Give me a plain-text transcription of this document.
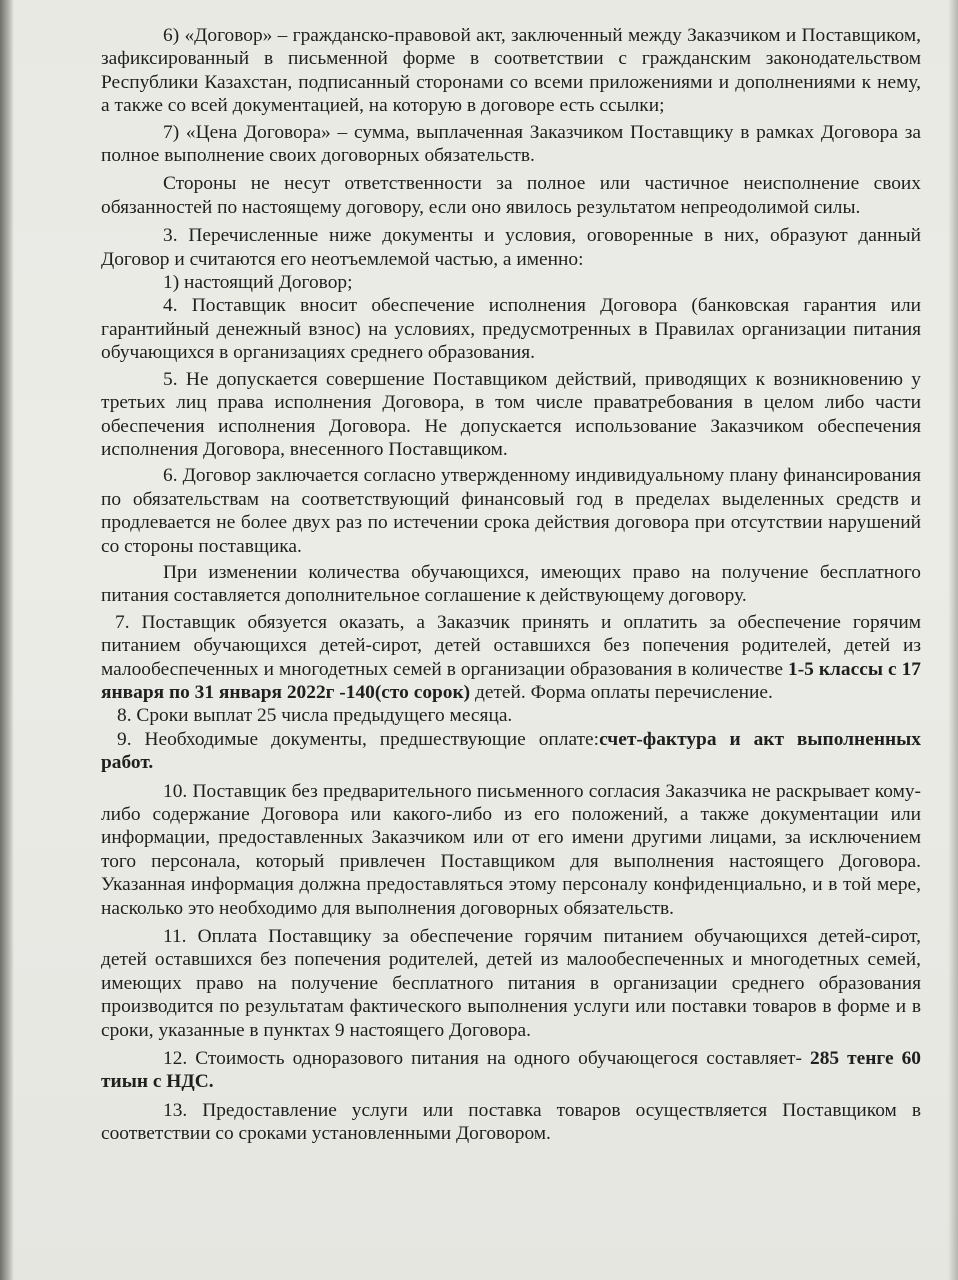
6) «Договор» – гражданско-правовой акт, заключенный между Заказчиком и Поставщиком, зафиксированный в письменной форме в соответствии с гражданским законодательством Республики Казахстан, подписанный сторонами со всеми приложениями и дополнениями к нему, а также со всей документацией, на которую в договоре есть ссылки;

7) «Цена Договора» – сумма, выплаченная Заказчиком Поставщику в рамках Договора за полное выполнение своих договорных обязательств.

Стороны не несут ответственности за полное или частичное неисполнение своих обязанностей по настоящему договору, если оно явилось результатом непреодолимой силы.

3. Перечисленные ниже документы и условия, оговоренные в них, образуют данный Договор и считаются его неотъемлемой частью, а именно:

1) настоящий Договор;

4. Поставщик вносит обеспечение исполнения Договора (банковская гарантия или гарантийный денежный взнос) на условиях, предусмотренных в Правилах организации питания обучающихся в организациях среднего образования.

5. Не допускается совершение Поставщиком действий, приводящих к возникновению у третьих лиц права исполнения Договора, в том числе праватребования в целом либо части обеспечения исполнения Договора. Не допускается использование Заказчиком обеспечения исполнения Договора, внесенного Поставщиком.

6. Договор заключается согласно утвержденному индивидуальному плану финансирования по обязательствам на соответствующий финансовый год в пределах выделенных средств и продлевается не более двух раз по истечении срока действия договора при отсутствии нарушений со стороны поставщика.

При изменении количества обучающихся, имеющих право на получение бесплатного питания составляется дополнительное соглашение к действующему договору.

7. Поставщик обязуется оказать, а Заказчик принять и оплатить за обеспечение горячим питанием обучающихся детей-сирот, детей оставшихся без попечения родителей, детей из малообеспеченных и многодетных семей в организации образования в количестве 1-5 классы с 17 января по 31 января 2022г -140(сто сорок) детей. Форма оплаты перечисление.

8. Сроки выплат 25 числа предыдущего месяца.

9. Необходимые документы, предшествующие оплате:счет-фактура и акт выполненных работ.

10. Поставщик без предварительного письменного согласия Заказчика не раскрывает кому-либо содержание Договора или какого-либо из его положений, а также документации или информации, предоставленных Заказчиком или от его имени другими лицами, за исключением того персонала, который привлечен Поставщиком для выполнения настоящего Договора. Указанная информация должна предоставляться этому персоналу конфиденциально, и в той мере, насколько это необходимо для выполнения договорных обязательств.

11. Оплата Поставщику за обеспечение горячим питанием обучающихся детей-сирот, детей оставшихся без попечения родителей, детей из малообеспеченных и многодетных семей, имеющих право на получение бесплатного питания в организации среднего образования производится по результатам фактического выполнения услуги или поставки товаров в форме и в сроки, указанные в пунктах 9 настоящего Договора.

12. Стоимость одноразового питания на одного обучающегося составляет- 285 тенге 60 тиын с НДС.

13. Предоставление услуги или поставка товаров осуществляется Поставщиком в соответствии со сроками установленными Договором.
